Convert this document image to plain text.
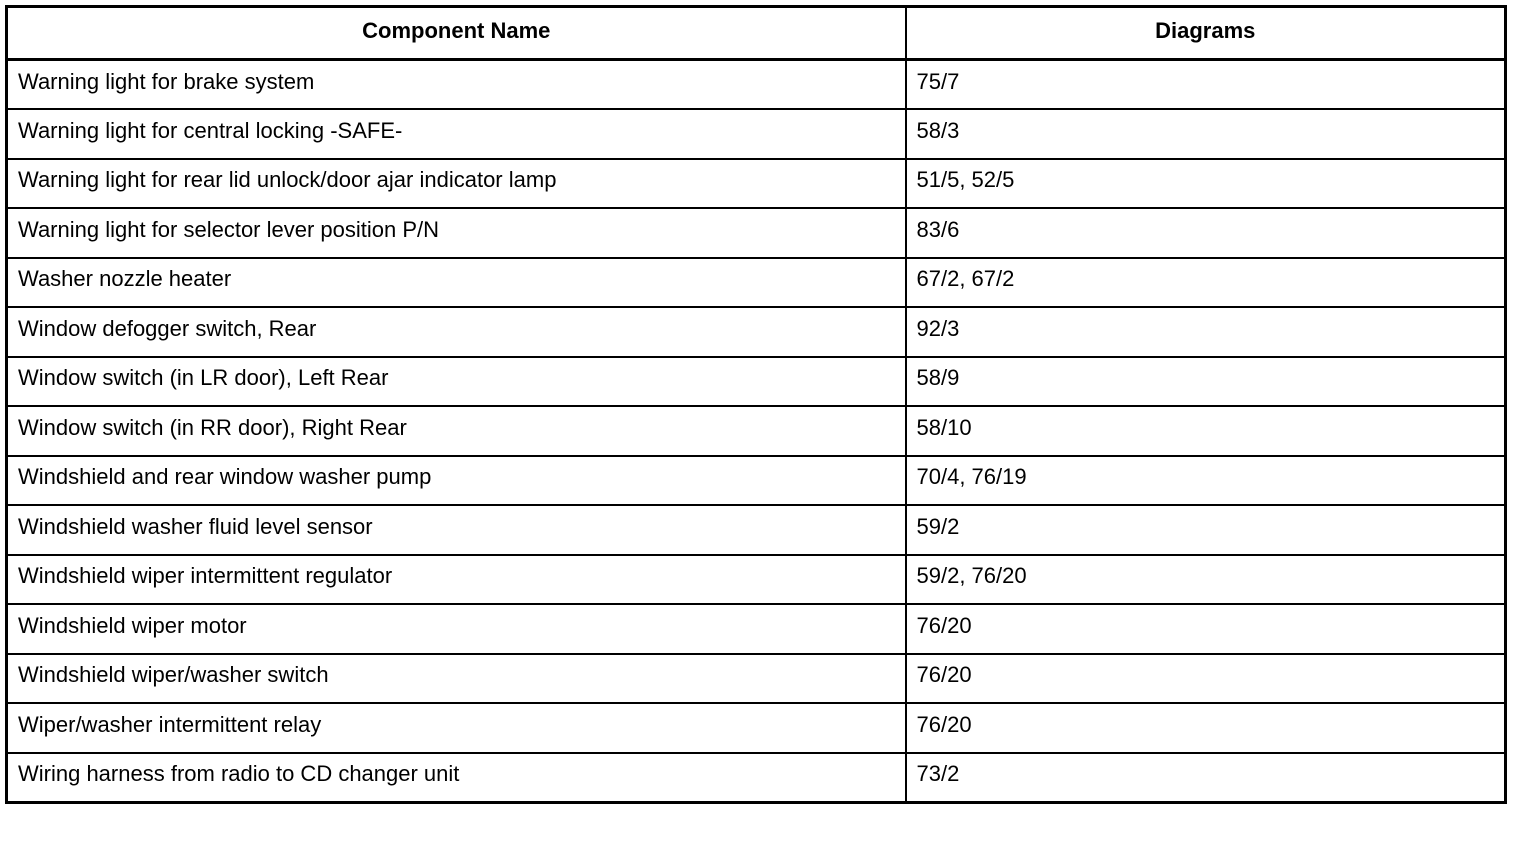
Component Name	Diagrams
Warning light for brake system	75/7
Warning light for central locking -SAFE-	58/3
Warning light for rear lid unlock/door ajar indicator lamp	51/5, 52/5
Warning light for selector lever position P/N	83/6
Washer nozzle heater	67/2, 67/2
Window defogger switch, Rear	92/3
Window switch (in LR door), Left Rear	58/9
Window switch (in RR door), Right Rear	58/10
Windshield and rear window washer pump	70/4, 76/19
Windshield washer fluid level sensor	59/2
Windshield wiper intermittent regulator	59/2, 76/20
Windshield wiper motor	76/20
Windshield wiper/washer switch	76/20
Wiper/washer intermittent relay	76/20
Wiring harness from radio to CD changer unit	73/2
